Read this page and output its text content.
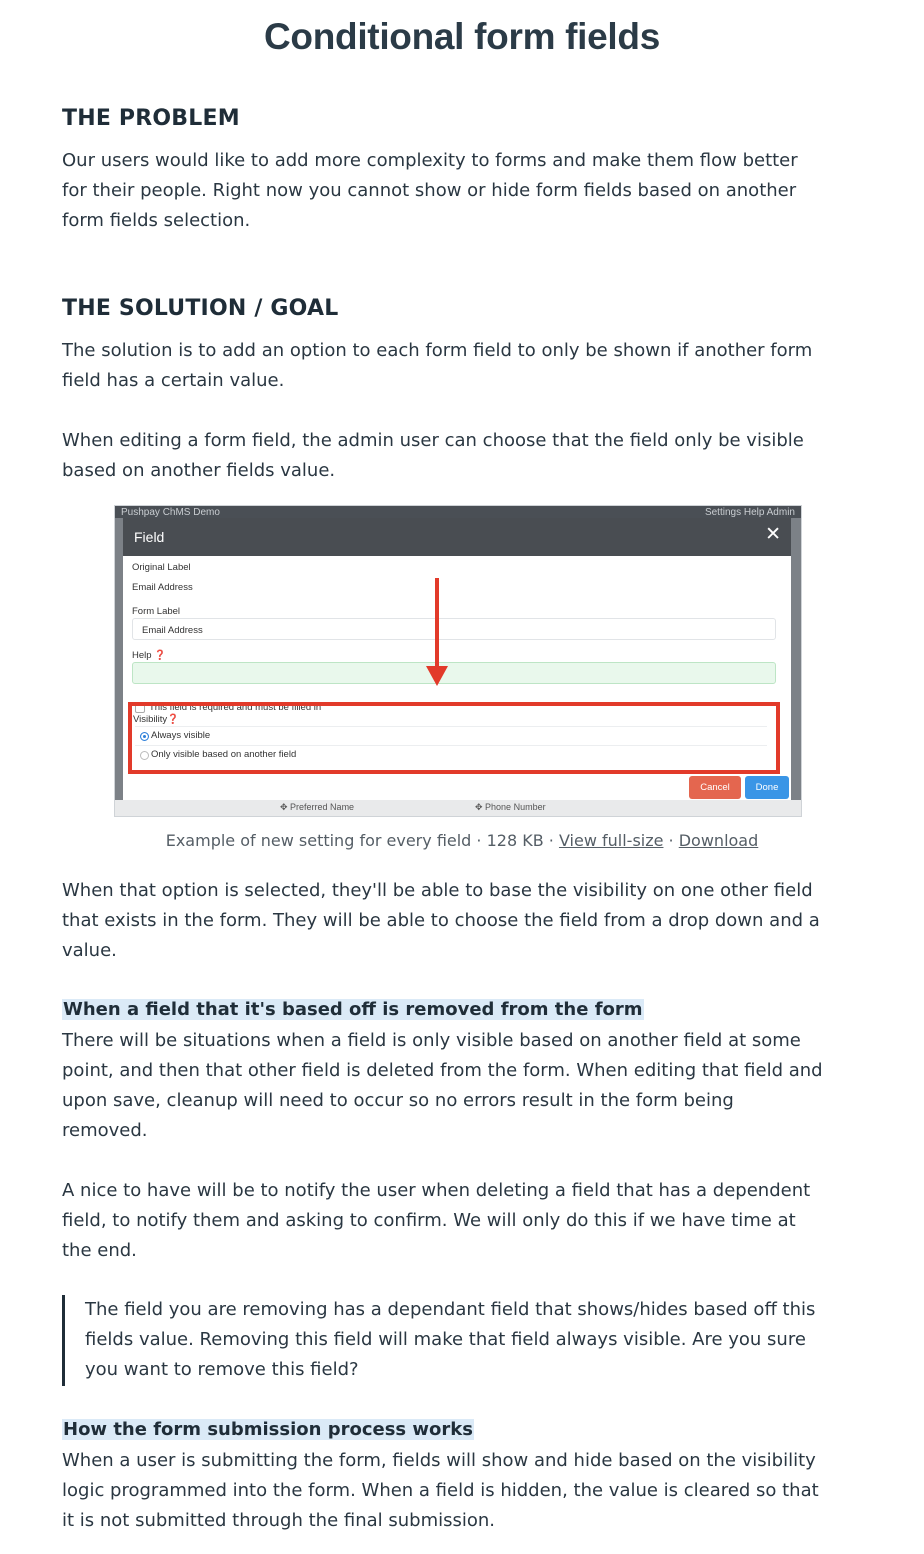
Conditional form fields
THE PROBLEM
Our users would like to add more complexity to forms and make them flow better
for their people. Right now you cannot show or hide form fields based on another
form fields selection.
THE SOLUTION / GOAL
The solution is to add an option to each form field to only be shown if another form
field has a certain value.
When editing a form field, the admin user can choose that the field only be visible
based on another fields value.
Pushpay ChMS Demo	Settings Help Admin
Field	✕
Original Label
Email Address
Form Label
Email Address
Help ❓
This field is required and must be filled in
Visibility❓
Always visible
Only visible based on another field
Cancel	Done
✥ Preferred Name	✥ Phone Number
Example of new setting for every field · 128 KB · View full-size · Download
When that option is selected, they'll be able to base the visibility on one other field
that exists in the form. They will be able to choose the field from a drop down and a
value.
When a field that it's based off is removed from the form
There will be situations when a field is only visible based on another field at some
point, and then that other field is deleted from the form. When editing that field and
upon save, cleanup will need to occur so no errors result in the form being
removed.
A nice to have will be to notify the user when deleting a field that has a dependent
field, to notify them and asking to confirm. We will only do this if we have time at
the end.
The field you are removing has a dependant field that shows/hides based off this
fields value. Removing this field will make that field always visible. Are you sure
you want to remove this field?
How the form submission process works
When a user is submitting the form, fields will show and hide based on the visibility
logic programmed into the form. When a field is hidden, the value is cleared so that
it is not submitted through the final submission.
